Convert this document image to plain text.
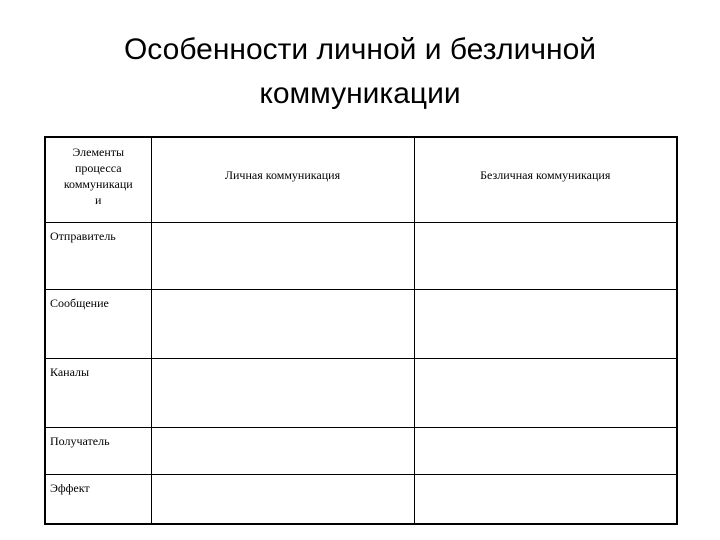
Особенности личной и безличной
коммуникации
Элементы
процесса
коммуникаци
и	Личная коммуникация	Безличная коммуникация
Отправитель		
Сообщение		
Каналы		
Получатель		
Эффект		
